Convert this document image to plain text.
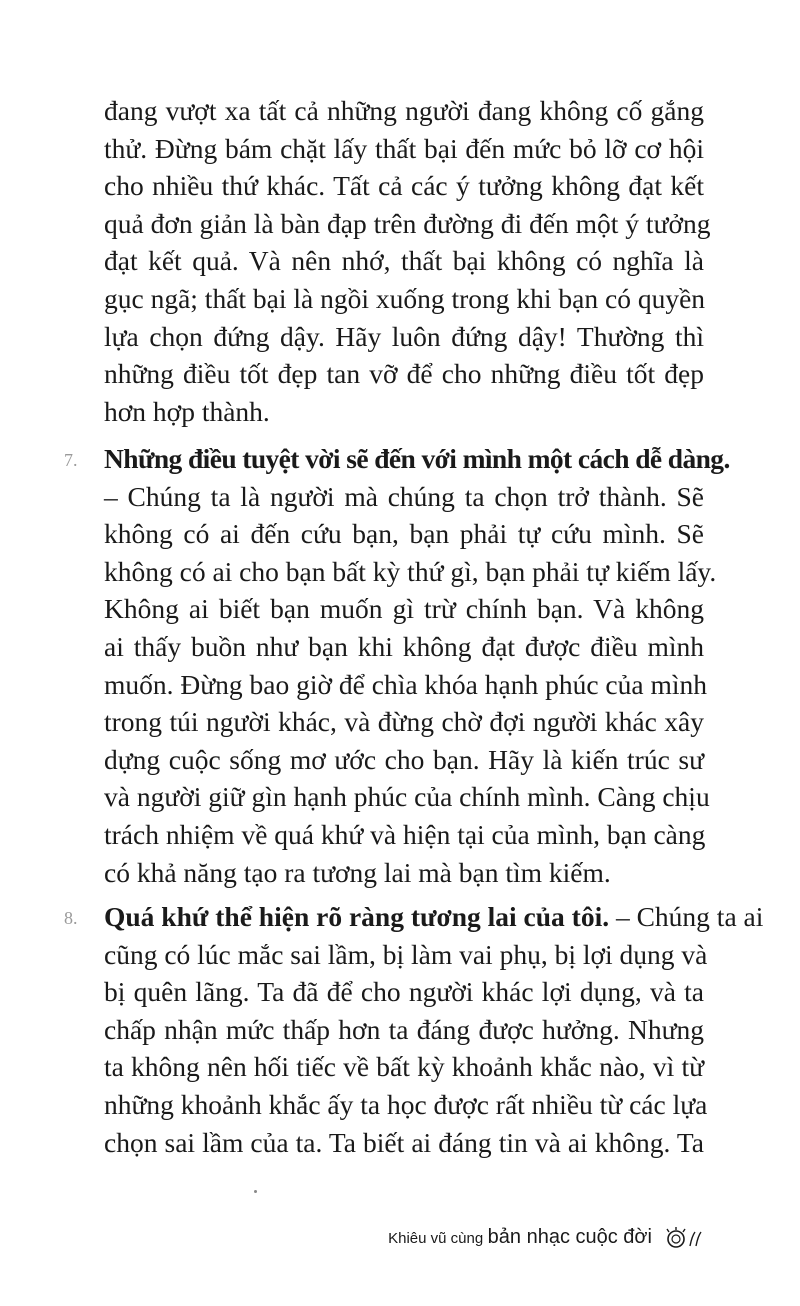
đang vượt xa tất cả những người đang không cố gắng
thử. Đừng bám chặt lấy thất bại đến mức bỏ lỡ cơ hội
cho nhiều thứ khác. Tất cả các ý tưởng không đạt kết
quả đơn giản là bàn đạp trên đường đi đến một ý tưởng
đạt kết quả. Và nên nhớ, thất bại không có nghĩa là
gục ngã; thất bại là ngồi xuống trong khi bạn có quyền
lựa chọn đứng dậy. Hãy luôn đứng dậy! Thường thì
những điều tốt đẹp tan vỡ để cho những điều tốt đẹp
hơn hợp thành.
7. Những điều tuyệt vời sẽ đến với mình một cách dễ dàng.
– Chúng ta là người mà chúng ta chọn trở thành. Sẽ
không có ai đến cứu bạn, bạn phải tự cứu mình. Sẽ
không có ai cho bạn bất kỳ thứ gì, bạn phải tự kiếm lấy.
Không ai biết bạn muốn gì trừ chính bạn. Và không
ai thấy buồn như bạn khi không đạt được điều mình
muốn. Đừng bao giờ để chìa khóa hạnh phúc của mình
trong túi người khác, và đừng chờ đợi người khác xây
dựng cuộc sống mơ ước cho bạn. Hãy là kiến trúc sư
và người giữ gìn hạnh phúc của chính mình. Càng chịu
trách nhiệm về quá khứ và hiện tại của mình, bạn càng
có khả năng tạo ra tương lai mà bạn tìm kiếm.
8. Quá khứ thể hiện rõ ràng tương lai của tôi. – Chúng ta ai
cũng có lúc mắc sai lầm, bị làm vai phụ, bị lợi dụng và
bị quên lãng. Ta đã để cho người khác lợi dụng, và ta
chấp nhận mức thấp hơn ta đáng được hưởng. Nhưng
ta không nên hối tiếc về bất kỳ khoảnh khắc nào, vì từ
những khoảnh khắc ấy ta học được rất nhiều từ các lựa
chọn sai lầm của ta. Ta biết ai đáng tin và ai không. Ta
Khiêu vũ cùng bản nhạc cuộc đời
